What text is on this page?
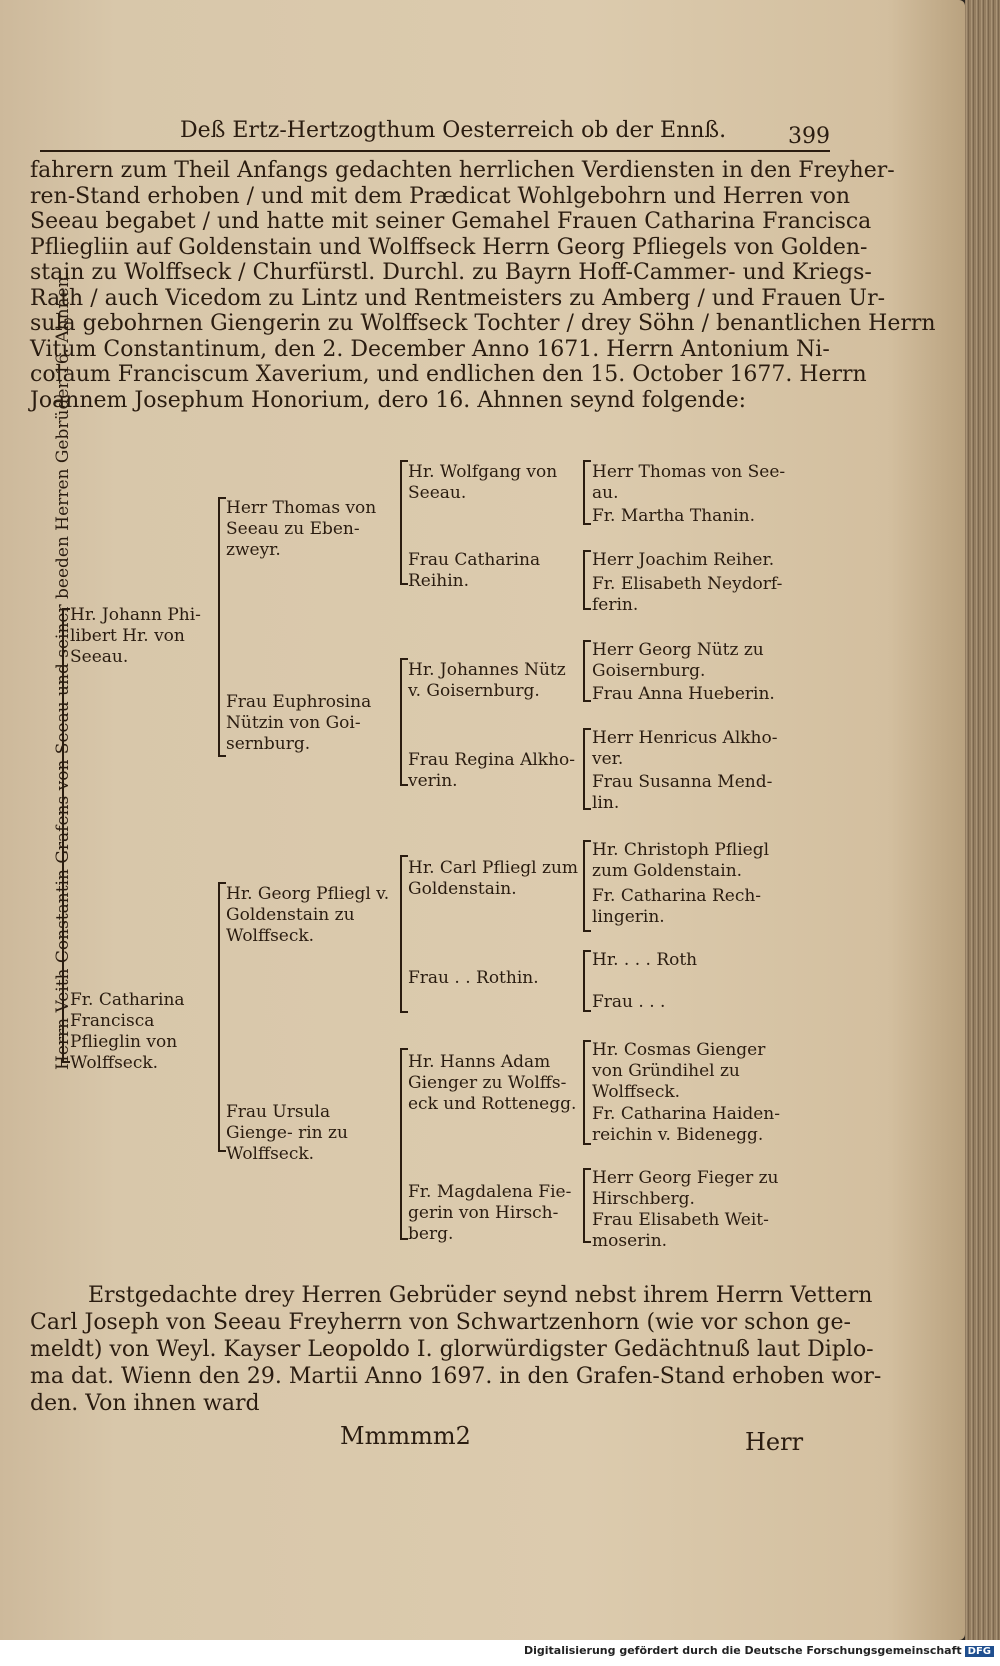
Deß Ertz-Hertzogthum Oesterreich ob der Ennß.	399
fahrern zum Theil Anfangs gedachten herrlichen Verdiensten in den Freyher-
ren-Stand erhoben / und mit dem Prædicat Wohlgebohrn und Herren von
Seeau begabet / und hatte mit seiner Gemahel Frauen Catharina Francisca
Pfliegliin auf Goldenstain und Wolffseck Herrn Georg Pfliegels von Golden-
stain zu Wolffseck / Churfürstl. Durchl. zu Bayrn Hoff-Cammer- und Kriegs-
Rath / auch Vicedom zu Lintz und Rentmeisters zu Amberg / und Frauen Ur-
sula gebohrnen Giengerin zu Wolffseck Tochter / drey Söhn / benantlichen Herrn
Vitum Constantinum, den 2. December Anno 1671. Herrn Antonium Ni-
colaum Franciscum Xaverium, und endlichen den 15. October 1677. Herrn
Joannem Josephum Honorium, dero 16. Ahnnen seynd folgende:
Herrn Veith Constantin Grafens von Seeau und seiner beeden Herren Gebrüder 16. Ahnnen.
Hr. Johann Phi- libert Hr. von Seeau.
Fr. Catharina Francisca Pflieglin von Wolffseck.
Herr Thomas von Seeau zu Eben- zweyr.
Frau Euphrosina Nützin von Goi- sernburg.
Hr. Georg Pfliegl v. Goldenstain zu Wolffseck.
Frau Ursula Gienge- rin zu Wolffseck.
Hr. Wolfgang von Seeau.
Frau Catharina Reihin.
Hr. Johannes Nütz v. Goisernburg.
Frau Regina Alkho- verin.
Hr. Carl Pfliegl zum Goldenstain.
Frau . . Rothin.
Hr. Hanns Adam Gienger zu Wolffs- eck und Rottenegg.
Fr. Magdalena Fie- gerin von Hirsch- berg.
Herr Thomas von See- au.
Fr. Martha Thanin.
Herr Joachim Reiher.
Fr. Elisabeth Neydorf- ferin.
Herr Georg Nütz zu Goisernburg.
Frau Anna Hueberin.
Herr Henricus Alkho- ver.
Frau Susanna Mend- lin.
Hr. Christoph Pfliegl zum Goldenstain.
Fr. Catharina Rech- lingerin.
Hr. . . . Roth
Frau . . .
Hr. Cosmas Gienger von Gründihel zu Wolffseck.
Fr. Catharina Haiden- reichin v. Bidenegg.
Herr Georg Fieger zu Hirschberg.
Frau Elisabeth Weit- moserin.
Erstgedachte drey Herren Gebrüder seynd nebst ihrem Herrn Vettern
Carl Joseph von Seeau Freyherrn von Schwartzenhorn (wie vor schon ge-
meldt) von Weyl. Kayser Leopoldo I. glorwürdigster Gedächtnuß laut Diplo-
ma dat. Wienn den 29. Martii Anno 1697. in den Grafen-Stand erhoben wor-
den. Von ihnen ward
Mmmmm2	Herr
Digitalisierung gefördert durch die Deutsche Forschungsgemeinschaft DFG
